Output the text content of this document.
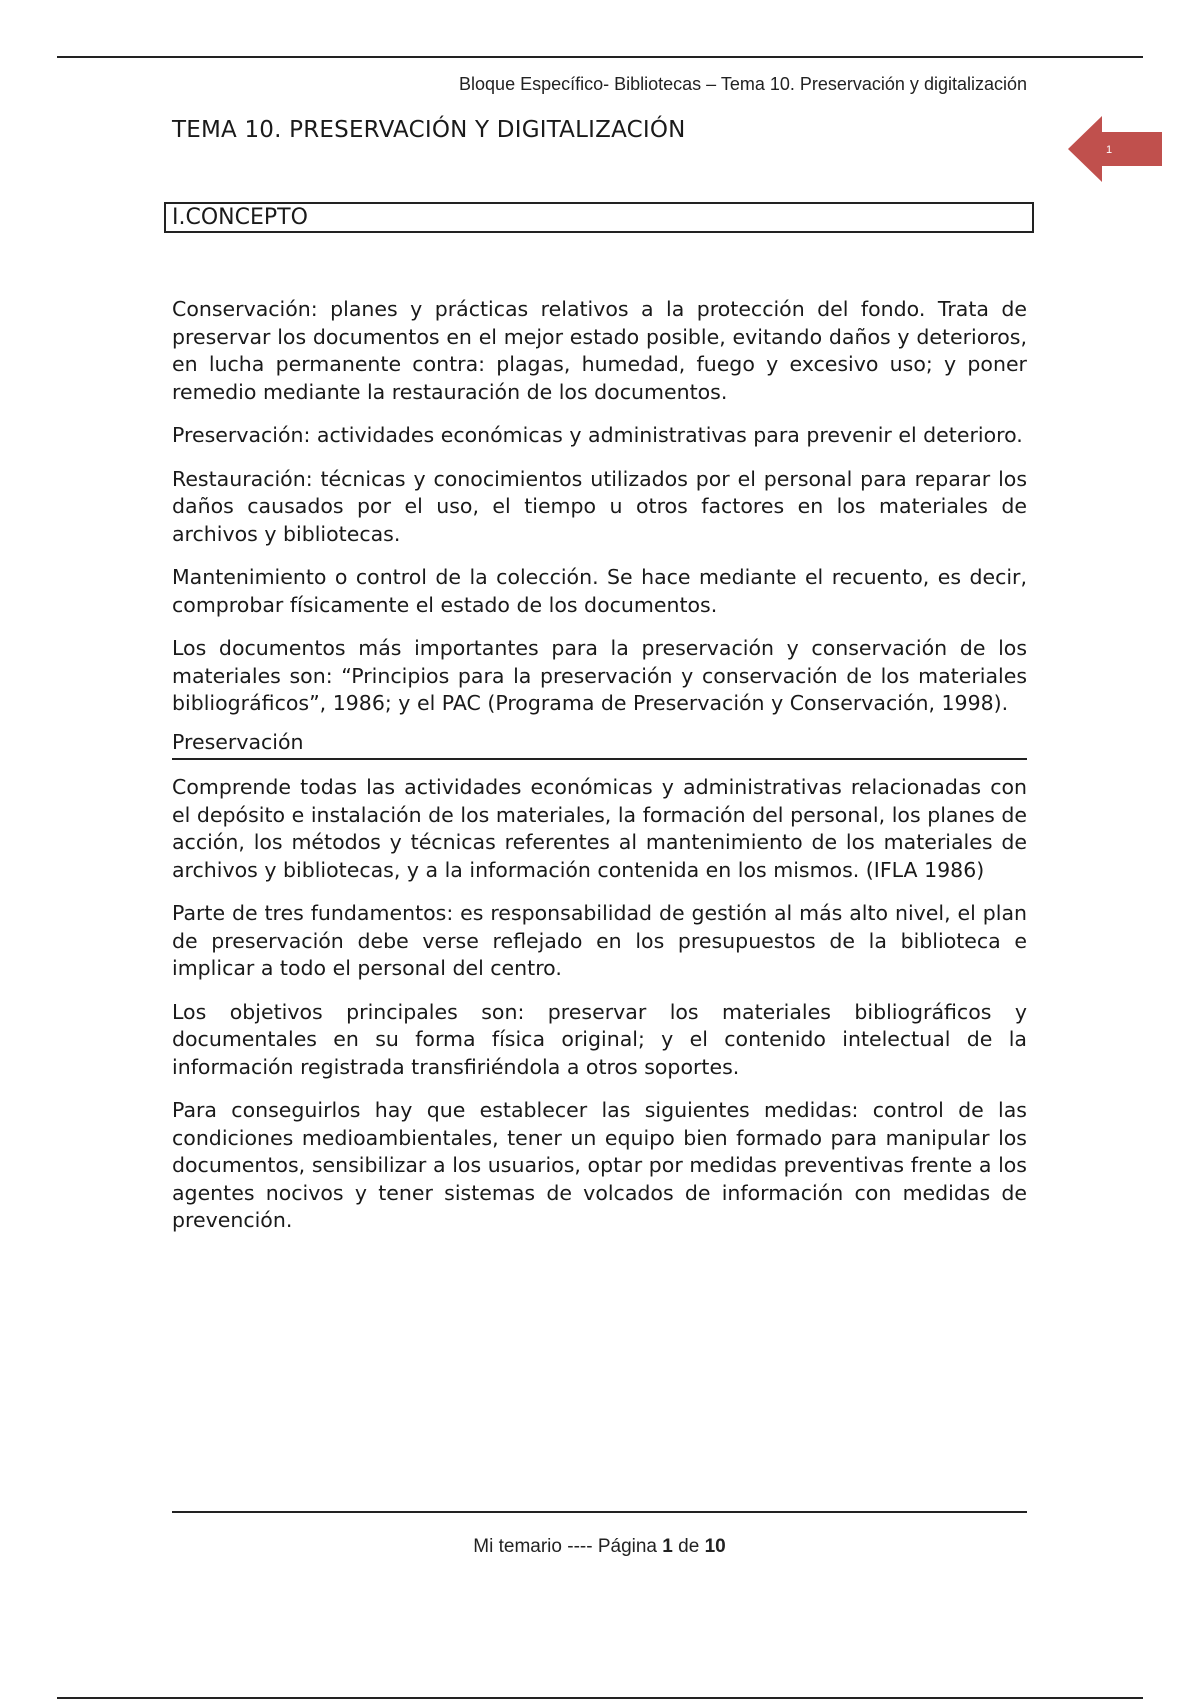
Bloque Específico- Bibliotecas – Tema 10. Preservación y digitalización
TEMA 10. PRESERVACIÓN Y DIGITALIZACIÓN
1
I.CONCEPTO

Conservación: planes y prácticas relativos a la protección del fondo. Trata de preservar los documentos en el mejor estado posible, evitando daños y deterioros, en lucha permanente contra: plagas, humedad, fuego y excesivo uso; y poner remedio mediante la restauración de los documentos.

Preservación: actividades económicas y administrativas para prevenir el deterioro.

Restauración: técnicas y conocimientos utilizados por el personal para reparar los daños causados por el uso, el tiempo u otros factores en los materiales de archivos y bibliotecas.

Mantenimiento o control de la colección. Se hace mediante el recuento, es decir, comprobar físicamente el estado de los documentos.

Los documentos más importantes para la preservación y conservación de los materiales son: “Principios para la preservación y conservación de los materiales bibliográficos”, 1986; y el PAC (Programa de Preservación y Conservación, 1998).

Preservación

Comprende todas las actividades económicas y administrativas relacionadas con el depósito e instalación de los materiales, la formación del personal, los planes de acción, los métodos y técnicas referentes al mantenimiento de los materiales de archivos y bibliotecas, y a la información contenida en los mismos. (IFLA 1986)

Parte de tres fundamentos: es responsabilidad de gestión al más alto nivel, el plan de preservación debe verse reflejado en los presupuestos de la biblioteca e implicar a todo el personal del centro.

Los objetivos principales son: preservar los materiales bibliográficos y documentales en su forma física original; y el contenido intelectual de la información registrada transfiriéndola a otros soportes.

Para conseguirlos hay que establecer las siguientes medidas: control de las condiciones medioambientales, tener un equipo bien formado para manipular los documentos, sensibilizar a los usuarios, optar por medidas preventivas frente a los agentes nocivos y tener sistemas de volcados de información con medidas de prevención.

Mi temario ---- Página 1 de 10
